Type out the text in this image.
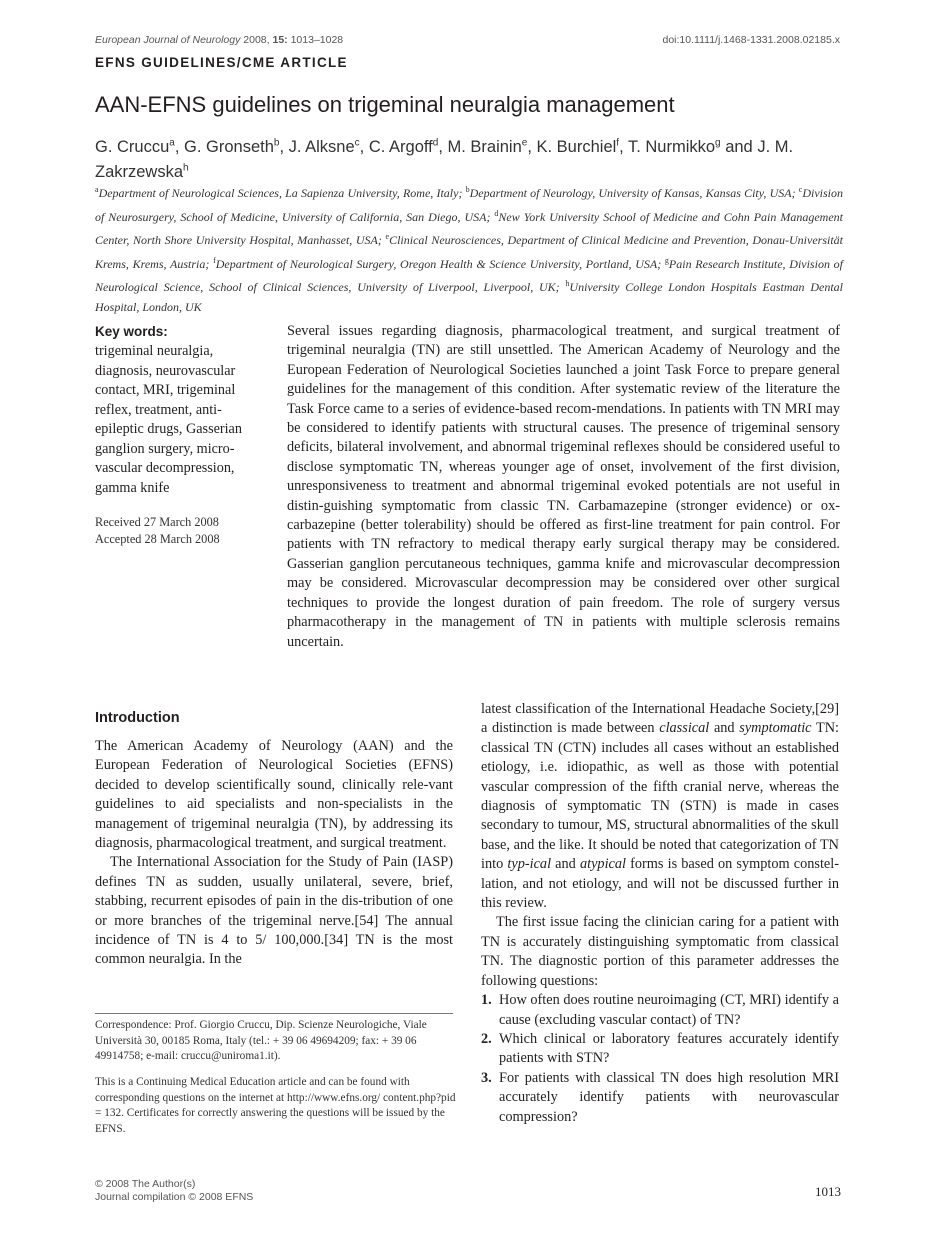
European Journal of Neurology 2008, 15: 1013–1028	doi:10.1111/j.1468-1331.2008.02185.x
EFNS GUIDELINES/CME ARTICLE
AAN-EFNS guidelines on trigeminal neuralgia management
G. Cruccu$^a$, G. Gronseth$^b$, J. Alksne$^c$, C. Argoff$^d$, M. Brainin$^e$, K. Burchiel$^f$, T. Nurmikko$^g$ and J. M. Zakrzewska$^h$
$^a$Department of Neurological Sciences, La Sapienza University, Rome, Italy; $^b$Department of Neurology, University of Kansas, Kansas City, USA; $^c$Division of Neurosurgery, School of Medicine, University of California, San Diego, USA; $^d$New York University School of Medicine and Cohn Pain Management Center, North Shore University Hospital, Manhasset, USA; $^e$Clinical Neurosciences, Department of Clinical Medicine and Prevention, Donau-Universität Krems, Krems, Austria; $^f$Department of Neurological Surgery, Oregon Health & Science University, Portland, USA; $^g$Pain Research Institute, Division of Neurological Science, School of Clinical Sciences, University of Liverpool, Liverpool, UK; $^h$University College London Hospitals Eastman Dental Hospital, London, UK
Key words:
trigeminal neuralgia, diagnosis, neurovascular contact, MRI, trigeminal reflex, treatment, anti-epileptic drugs, Gasserian ganglion surgery, micro-vascular decompression, gamma knife
Received 27 March 2008
Accepted 28 March 2008
Several issues regarding diagnosis, pharmacological treatment, and surgical treatment of trigeminal neuralgia (TN) are still unsettled. The American Academy of Neurology and the European Federation of Neurological Societies launched a joint Task Force to prepare general guidelines for the management of this condition. After systematic review of the literature the Task Force came to a series of evidence-based recom-mendations. In patients with TN MRI may be considered to identify patients with structural causes. The presence of trigeminal sensory deficits, bilateral involvement, and abnormal trigeminal reflexes should be considered useful to disclose symptomatic TN, whereas younger age of onset, involvement of the first division, unresponsiveness to treatment and abnormal trigeminal evoked potentials are not useful in distin-guishing symptomatic from classic TN. Carbamazepine (stronger evidence) or ox-carbazepine (better tolerability) should be offered as first-line treatment for pain control. For patients with TN refractory to medical therapy early surgical therapy may be considered. Gasserian ganglion percutaneous techniques, gamma knife and microvascular decompression may be considered. Microvascular decompression may be considered over other surgical techniques to provide the longest duration of pain freedom. The role of surgery versus pharmacotherapy in the management of TN in patients with multiple sclerosis remains uncertain.
Introduction

The American Academy of Neurology (AAN) and the European Federation of Neurological Societies (EFNS) decided to develop scientifically sound, clinically rele-vant guidelines to aid specialists and non-specialists in the management of trigeminal neuralgia (TN), by addressing its diagnosis, pharmacological treatment, and surgical treatment.

The International Association for the Study of Pain (IASP) defines TN as sudden, usually unilateral, severe, brief, stabbing, recurrent episodes of pain in the dis-tribution of one or more branches of the trigeminal nerve.[54] The annual incidence of TN is 4 to 5/ 100,000.[34] TN is the most common neuralgia. In the

latest classification of the International Headache Society,[29] a distinction is made between classical and symptomatic TN: classical TN (CTN) includes all cases without an established etiology, i.e. idiopathic, as well as those with potential vascular compression of the fifth cranial nerve, whereas the diagnosis of symptomatic TN (STN) is made in cases secondary to tumour, MS, structural abnormalities of the skull base, and the like. It should be noted that categorization of TN into typ-ical and atypical forms is based on symptom constel-lation, and not etiology, and will not be discussed further in this review.

The first issue facing the clinician caring for a patient with TN is accurately distinguishing symptomatic from classical TN. The diagnostic portion of this parameter addresses the following questions:

1. How often does routine neuroimaging (CT, MRI) identify a cause (excluding vascular contact) of TN?
2. Which clinical or laboratory features accurately identify patients with STN?
3. For patients with classical TN does high resolution MRI accurately identify patients with neurovascular compression?
Correspondence: Prof. Giorgio Cruccu, Dip. Scienze Neurologiche, Viale Università 30, 00185 Roma, Italy (tel.: + 39 06 49694209; fax: + 39 06 49914758; e-mail: cruccu@uniroma1.it).
This is a Continuing Medical Education article and can be found with corresponding questions on the internet at http://www.efns.org/ content.php?pid = 132. Certificates for correctly answering the questions will be issued by the EFNS.
© 2008 The Author(s)
Journal compilation © 2008 EFNS	1013
